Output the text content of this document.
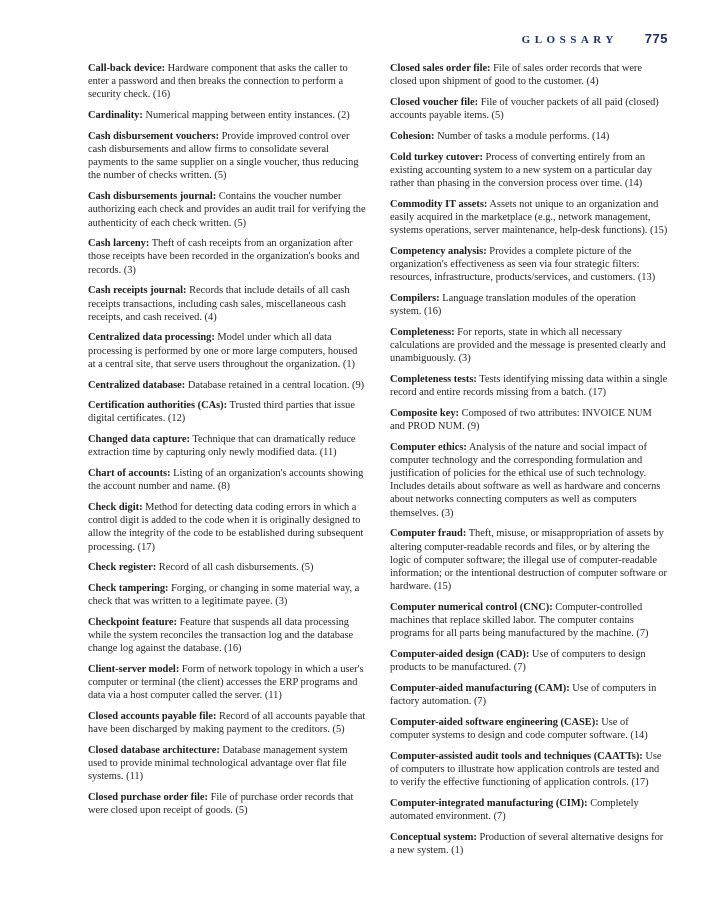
GLOSSARY 775

Call-back device: Hardware component that asks the caller to enter a password and then breaks the connection to perform a security check. (16)

Cardinality: Numerical mapping between entity instances. (2)

Cash disbursement vouchers: Provide improved control over cash disbursements and allow firms to consolidate several payments to the same supplier on a single voucher, thus reducing the number of checks written. (5)

Cash disbursements journal: Contains the voucher number authorizing each check and provides an audit trail for verifying the authenticity of each check written. (5)

Cash larceny: Theft of cash receipts from an organization after those receipts have been recorded in the organization's books and records. (3)

Cash receipts journal: Records that include details of all cash receipts transactions, including cash sales, miscellaneous cash receipts, and cash received. (4)

Centralized data processing: Model under which all data processing is performed by one or more large computers, housed at a central site, that serve users throughout the organization. (1)

Centralized database: Database retained in a central location. (9)

Certification authorities (CAs): Trusted third parties that issue digital certificates. (12)

Changed data capture: Technique that can dramatically reduce extraction time by capturing only newly modified data. (11)

Chart of accounts: Listing of an organization's accounts showing the account number and name. (8)

Check digit: Method for detecting data coding errors in which a control digit is added to the code when it is originally designed to allow the integrity of the code to be established during subsequent processing. (17)

Check register: Record of all cash disbursements. (5)

Check tampering: Forging, or changing in some material way, a check that was written to a legitimate payee. (3)

Checkpoint feature: Feature that suspends all data processing while the system reconciles the transaction log and the database change log against the database. (16)

Client-server model: Form of network topology in which a user's computer or terminal (the client) accesses the ERP programs and data via a host computer called the server. (11)

Closed accounts payable file: Record of all accounts payable that have been discharged by making payment to the creditors. (5)

Closed database architecture: Database management system used to provide minimal technological advantage over flat file systems. (11)

Closed purchase order file: File of purchase order records that were closed upon receipt of goods. (5)

Closed sales order file: File of sales order records that were closed upon shipment of good to the customer. (4)

Closed voucher file: File of voucher packets of all paid (closed) accounts payable items. (5)

Cohesion: Number of tasks a module performs. (14)

Cold turkey cutover: Process of converting entirely from an existing accounting system to a new system on a particular day rather than phasing in the conversion process over time. (14)

Commodity IT assets: Assets not unique to an organization and easily acquired in the marketplace (e.g., network management, systems operations, server maintenance, help-desk functions). (15)

Competency analysis: Provides a complete picture of the organization's effectiveness as seen via four strategic filters: resources, infrastructure, products/services, and customers. (13)

Compilers: Language translation modules of the operation system. (16)

Completeness: For reports, state in which all necessary calculations are provided and the message is presented clearly and unambiguously. (3)

Completeness tests: Tests identifying missing data within a single record and entire records missing from a batch. (17)

Composite key: Composed of two attributes: INVOICE NUM and PROD NUM. (9)

Computer ethics: Analysis of the nature and social impact of computer technology and the corresponding formulation and justification of policies for the ethical use of such technology. Includes details about software as well as hardware and concerns about networks connecting computers as well as computers themselves. (3)

Computer fraud: Theft, misuse, or misappropriation of assets by altering computer-readable records and files, or by altering the logic of computer software; the illegal use of computer-readable information; or the intentional destruction of computer software or hardware. (15)

Computer numerical control (CNC): Computer-controlled machines that replace skilled labor. The computer contains programs for all parts being manufactured by the machine. (7)

Computer-aided design (CAD): Use of computers to design products to be manufactured. (7)

Computer-aided manufacturing (CAM): Use of computers in factory automation. (7)

Computer-aided software engineering (CASE): Use of computer systems to design and code computer software. (14)

Computer-assisted audit tools and techniques (CAATTs): Use of computers to illustrate how application controls are tested and to verify the effective functioning of application controls. (17)

Computer-integrated manufacturing (CIM): Completely automated environment. (7)

Conceptual system: Production of several alternative designs for a new system. (1)
